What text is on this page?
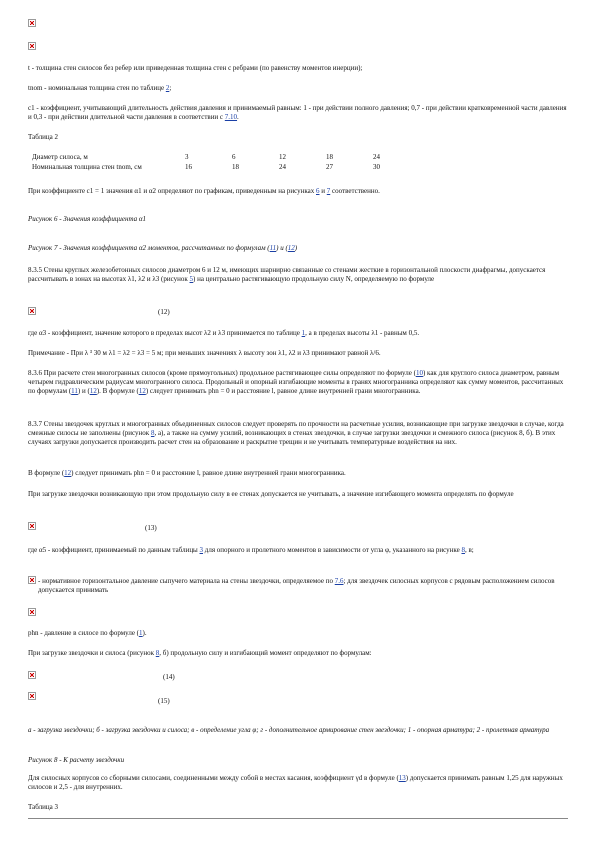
t - толщина стен силосов без ребер или приведенная толщина стен с ребрами (по равенству моментов инерции);
tnom - номинальная толщина стен по таблице 2;
c1 - коэффициент, учитывающий длительность действия давления и принимаемый равным: 1 - при действии полного давления; 0,7 - при действии кратковременной части давления и 0,3 - при действии длительной части давления в соответствии с 7.10.
Таблица 2
Диаметр силоса, м	3	6	12	18	24
Номинальная толщина стен tnom, см	16	18	24	27	30
При коэффициенте c1 = 1 значения α1 и α2 определяют по графикам, приведенным на рисунках 6 и 7 соответственно.
Рисунок 6 - Значения коэффициента α1
Рисунок 7 - Значения коэффициента α2 моментов, рассчитанных по формулам (11) и (12)
8.3.5 Стены круглых железобетонных силосов диаметром 6 и 12 м, имеющих шарнирно связанные со стенами жесткие в горизонтальной плоскости диафрагмы, допускается рассчитывать в зонах на высотах λ1, λ2 и λ3 (рисунок 5) на центрально растягивающую продольную силу N, определяемую по формуле
(12)
где α3 - коэффициент, значение которого в пределах высот λ2 и λ3 принимается по таблице 1, а в пределах высоты λ1 - равным 0,5.
Примечание - При λ ³ 30 м λ1 = λ2 = λ3 = 5 м; при меньших значениях λ высоту зон λ1, λ2 и λ3 принимают равной λ/6.
8.3.6 При расчете стен многогранных силосов (кроме прямоугольных) продольное растягивающее силы определяют по формуле (10) как для круглого силоса диаметром, равным четырем гидравлическим радиусам многогранного силоса. Продольный и опорный изгибающие моменты в гранях многогранника определяют как сумму моментов, рассчитанных по формулам (11) и (12). В формуле (12) следует принимать phn = 0 и расстояние l, равное длине внутренней грани многогранника.
8.3.7 Стены звездочек круглых и многогранных объединенных силосов следует проверять по прочности на расчетные усилия, возникающие при загрузке звездочки в случае, когда смежные силосы не заполнены (рисунок 8, а), а также на сумму усилий, возникающих в стенах звездочки, в случае загрузки звездочки и смежного силоса (рисунок 8, б). В этих случаях загрузки допускается производить расчет стен на образование и раскрытие трещин и не учитывать температурные воздействия на них.
В формуле (12) следует принимать phn = 0 и расстояние l, равное длине внутренней грани многогранника.
При загрузке звездочки возникающую при этом продольную силу в ее стенах допускается не учитывать, а значение изгибающего момента определять по формуле
(13)
где α5 - коэффициент, принимаемый по данным таблицы 3 для опорного и пролетного моментов в зависимости от угла φ, указанного на рисунке 8, в;
- нормативное горизонтальное давление сыпучего материала на стены звездочки, определяемое по 7.6; для звездочек силосных корпусов с рядовым расположением силосов допускается принимать
phn - давление в силосе по формуле (1).
При загрузке звездочки и силоса (рисунок 8, б) продольную силу и изгибающий момент определяют по формулам:
(14)
(15)
а - загрузка звездочки; б - загрузка звездочки и силоса; в - определение угла φ; г - дополнительное армирование стен звездочки; 1 - опорная арматура; 2 - пролетная арматура
Рисунок 8 - К расчету звездочки
Для силосных корпусов со сборными силосами, соединенными между собой в местах касания, коэффициент γd в формуле (13) допускается принимать равным 1,25 для наружных силосов и 2,5 - для внутренних.
Таблица 3
